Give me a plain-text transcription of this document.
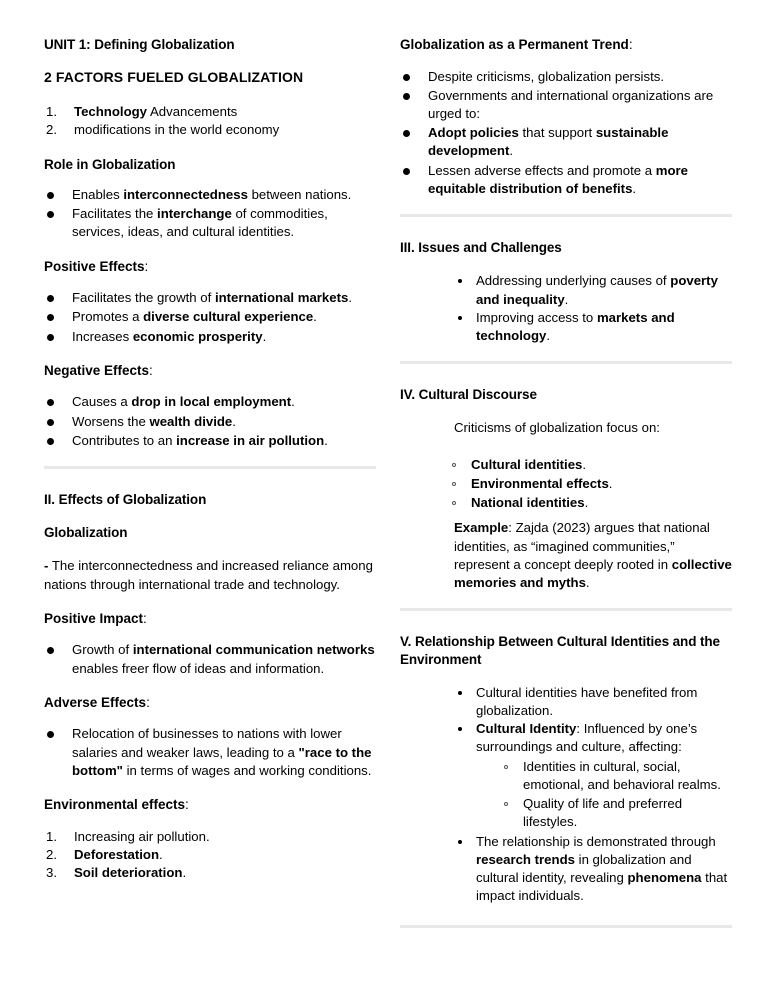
UNIT 1: Defining Globalization
2 FACTORS FUELED GLOBALIZATION
1. Technology Advancements
2. modifications in the world economy
Role in Globalization
Enables interconnectedness between nations.
Facilitates the interchange of commodities, services, ideas, and cultural identities.
Positive Effects:
Facilitates the growth of international markets.
Promotes a diverse cultural experience.
Increases economic prosperity.
Negative Effects:
Causes a drop in local employment.
Worsens the wealth divide.
Contributes to an increase in air pollution.
II. Effects of Globalization
Globalization

- The interconnectedness and increased reliance among nations through international trade and technology.

Positive Impact:
Growth of international communication networks enables freer flow of ideas and information.
Adverse Effects:
Relocation of businesses to nations with lower salaries and weaker laws, leading to a "race to the bottom" in terms of wages and working conditions.
Environmental effects:
1. Increasing air pollution.
2. Deforestation.
3. Soil deterioration.
Globalization as a Permanent Trend:
Despite criticisms, globalization persists.
Governments and international organizations are urged to:
Adopt policies that support sustainable development.
Lessen adverse effects and promote a more equitable distribution of benefits.
III. Issues and Challenges
Addressing underlying causes of poverty and inequality.
Improving access to markets and technology.
IV. Cultural Discourse

Criticisms of globalization focus on:

Cultural identities.
Environmental effects.
National identities.

Example: Zajda (2023) argues that national identities, as “imagined communities,” represent a concept deeply rooted in collective memories and myths.

V. Relationship Between Cultural Identities and the Environment
Cultural identities have benefited from globalization.
Cultural Identity: Influenced by one’s surroundings and culture, affecting:
Identities in cultural, social, emotional, and behavioral realms.
Quality of life and preferred lifestyles.
The relationship is demonstrated through research trends in globalization and cultural identity, revealing phenomena that impact individuals.
